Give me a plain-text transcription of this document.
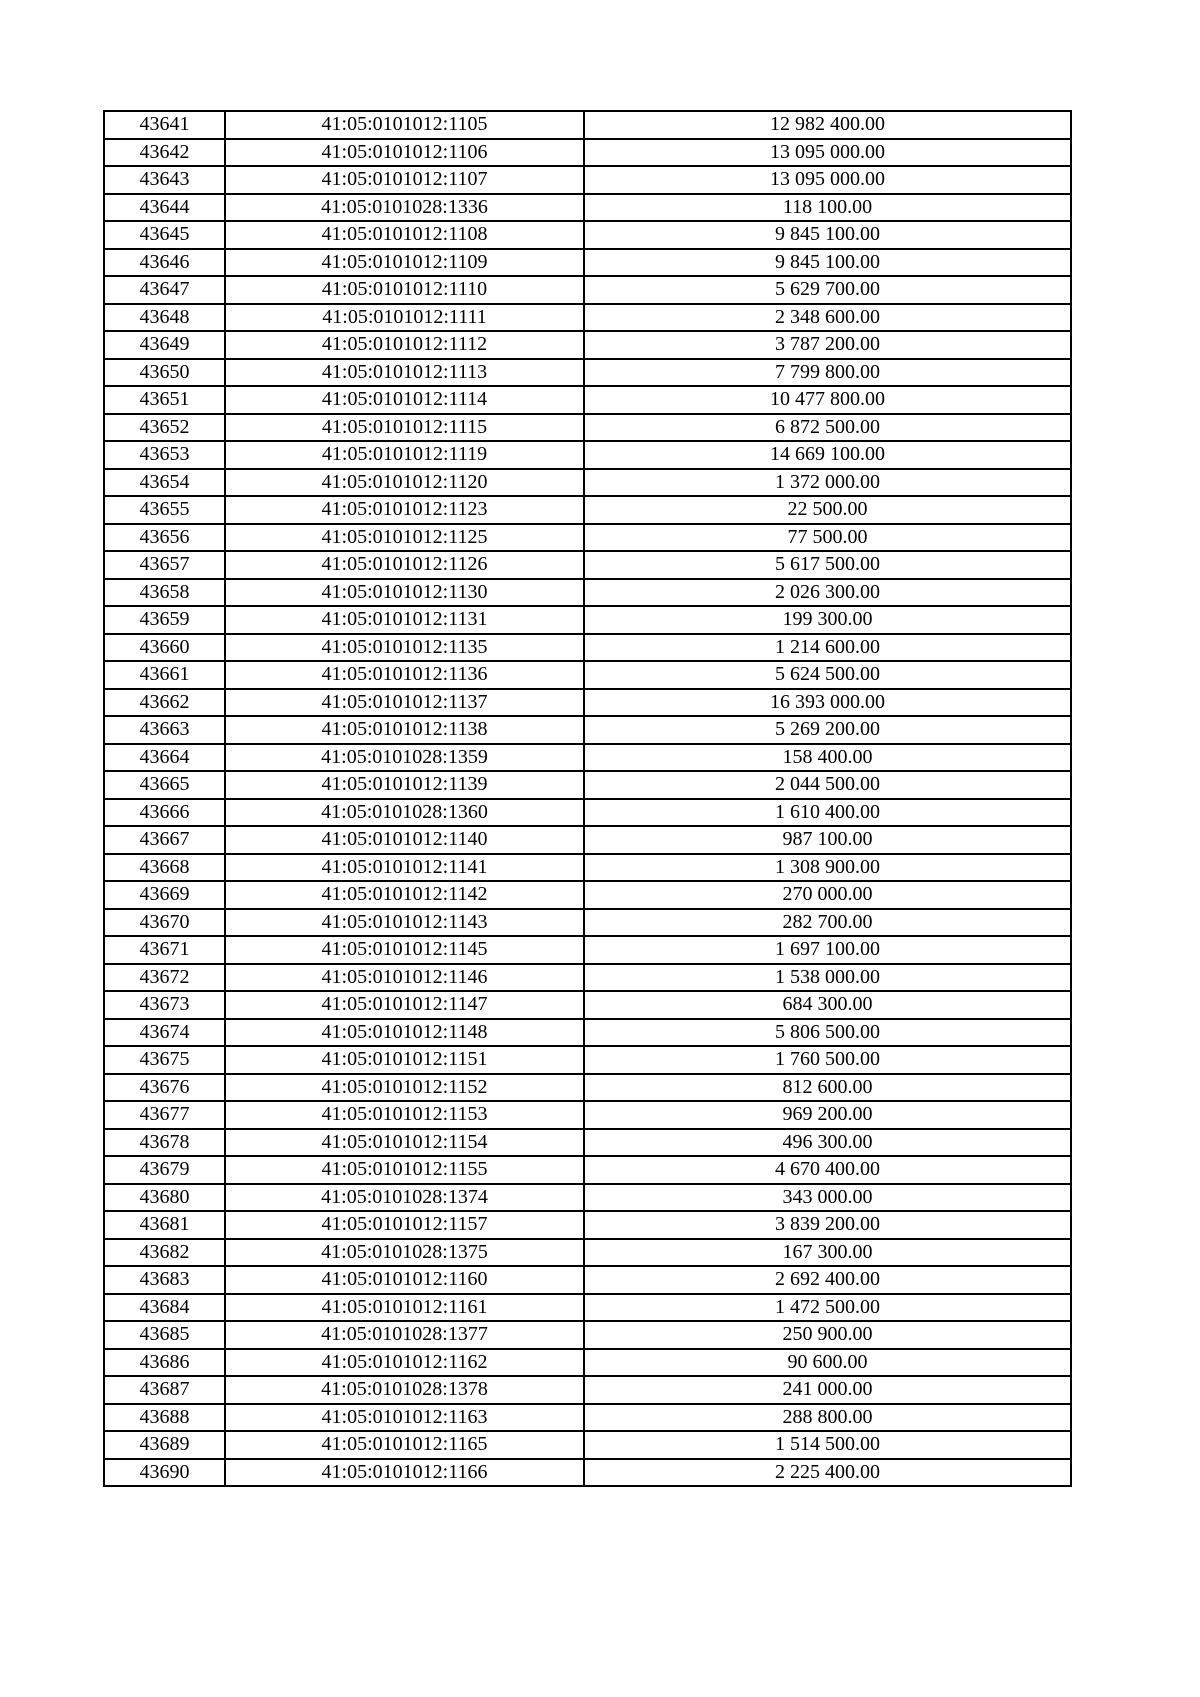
43641	41:05:0101012:1105	12 982 400.00
43642	41:05:0101012:1106	13 095 000.00
43643	41:05:0101012:1107	13 095 000.00
43644	41:05:0101028:1336	118 100.00
43645	41:05:0101012:1108	9 845 100.00
43646	41:05:0101012:1109	9 845 100.00
43647	41:05:0101012:1110	5 629 700.00
43648	41:05:0101012:1111	2 348 600.00
43649	41:05:0101012:1112	3 787 200.00
43650	41:05:0101012:1113	7 799 800.00
43651	41:05:0101012:1114	10 477 800.00
43652	41:05:0101012:1115	6 872 500.00
43653	41:05:0101012:1119	14 669 100.00
43654	41:05:0101012:1120	1 372 000.00
43655	41:05:0101012:1123	22 500.00
43656	41:05:0101012:1125	77 500.00
43657	41:05:0101012:1126	5 617 500.00
43658	41:05:0101012:1130	2 026 300.00
43659	41:05:0101012:1131	199 300.00
43660	41:05:0101012:1135	1 214 600.00
43661	41:05:0101012:1136	5 624 500.00
43662	41:05:0101012:1137	16 393 000.00
43663	41:05:0101012:1138	5 269 200.00
43664	41:05:0101028:1359	158 400.00
43665	41:05:0101012:1139	2 044 500.00
43666	41:05:0101028:1360	1 610 400.00
43667	41:05:0101012:1140	987 100.00
43668	41:05:0101012:1141	1 308 900.00
43669	41:05:0101012:1142	270 000.00
43670	41:05:0101012:1143	282 700.00
43671	41:05:0101012:1145	1 697 100.00
43672	41:05:0101012:1146	1 538 000.00
43673	41:05:0101012:1147	684 300.00
43674	41:05:0101012:1148	5 806 500.00
43675	41:05:0101012:1151	1 760 500.00
43676	41:05:0101012:1152	812 600.00
43677	41:05:0101012:1153	969 200.00
43678	41:05:0101012:1154	496 300.00
43679	41:05:0101012:1155	4 670 400.00
43680	41:05:0101028:1374	343 000.00
43681	41:05:0101012:1157	3 839 200.00
43682	41:05:0101028:1375	167 300.00
43683	41:05:0101012:1160	2 692 400.00
43684	41:05:0101012:1161	1 472 500.00
43685	41:05:0101028:1377	250 900.00
43686	41:05:0101012:1162	90 600.00
43687	41:05:0101028:1378	241 000.00
43688	41:05:0101012:1163	288 800.00
43689	41:05:0101012:1165	1 514 500.00
43690	41:05:0101012:1166	2 225 400.00
